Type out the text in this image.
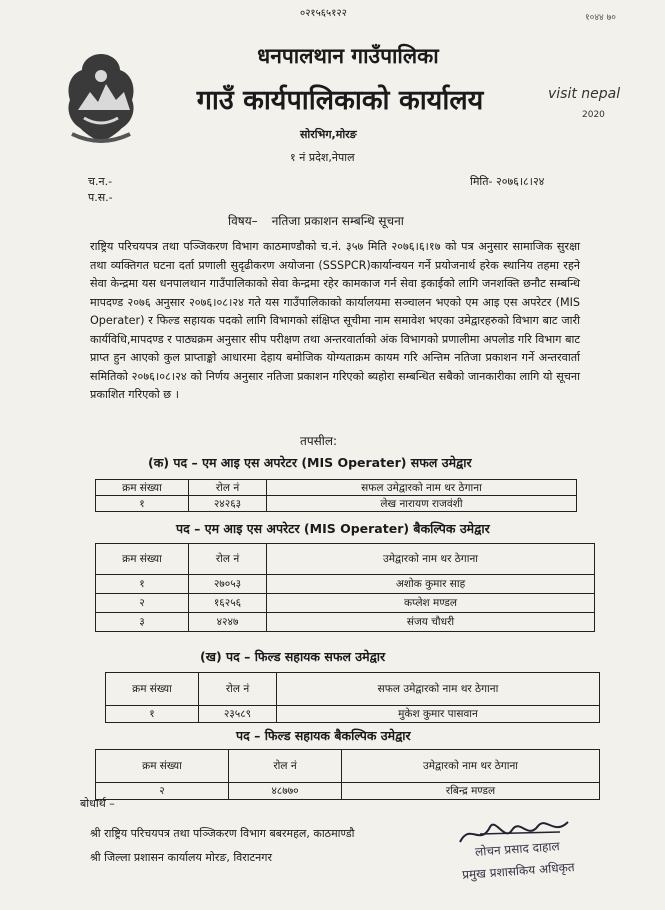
०२१५६५१२२	१०४४ ७०
धनपालथान गाउँपालिका
गाउँ कार्यपालिकाको कार्यालय
सोरभिग,मोरङ
१ नं प्रदेश,नेपाल
visit nepal
2020
च.न.-
प.स.-
मिति- २०७६।८।२४
विषय– नतिजा प्रकाशन सम्बन्धि सूचना
राष्ट्रिय परिचयपत्र तथा पञ्जिकरण विभाग काठमाण्डौको च.नं. ३५७ मिति २०७६।६।१७ को पत्र अनुसार सामाजिक सुरक्षा तथा व्यक्तिगत घटना दर्ता प्रणाली सुदृढीकरण अयोजना (SSSPCR)कार्यान्वयन गर्ने प्रयोजनार्थ हरेक स्थानिय तहमा रहने सेवा केन्द्रमा यस धनपालथान गाउँपालिकाको सेवा केन्द्रमा रहेर कामकाज गर्न सेवा इकाईको लागि जनशक्ति छनौट सम्बन्धि मापदण्ड २०७६ अनुसार २०७६।०८।२४ गते यस गाउँपालिकाको कार्यालयमा सञ्चालन भएको एम आइ एस अपरेटर (MIS Operater) र फिल्ड सहायक पदको लागि विभागको संक्षिप्त सूचीमा नाम समावेश भएका उमेद्वारहरुको विभाग बाट जारी कार्यविधि,मापदण्ड र पाठ्यक्रम अनुसार सीप परीक्षण तथा अन्तरवार्ताको अंक विभागको प्रणालीमा अपलोड गरि विभाग बाट प्राप्त हुन आएको कुल प्राप्ताङ्को आधारमा देहाय बमोजिक योग्यताक्रम कायम गरि अन्तिम नतिजा प्रकाशन गर्ने अन्तरवार्ता समितिको २०७६।०८।२४ को निर्णय अनुसार नतिजा प्रकाशन गरिएको ब्यहोरा सम्बन्धित सबैको जानकारीका लागि यो सूचना प्रकाशित गरिएको छ ।
तपसील:
(क) पद – एम आइ एस अपरेटर (MIS Operater) सफल उमेद्वार
क्रम संख्या	रोल नं	सफल उमेद्वारको नाम थर ठेगाना
१	२४२६३	लेख नारायण राजवंशी
पद – एम आइ एस अपरेटर (MIS Operater) बैकल्पिक उमेद्वार
क्रम संख्या	रोल नं	उमेद्वारको नाम थर ठेगाना
१	२७०५३	अशोक कुमार साह
२	१६२५६	कप्लेश मण्डल
३	४२४७	संजय चौधरी
(ख) पद – फिल्ड सहायक सफल उमेद्वार
क्रम संख्या	रोल नं	सफल उमेद्वारको नाम थर ठेगाना
१	२३५८९	मुकेश कुमार पासवान
पद – फिल्ड सहायक बैकल्पिक उमेद्वार
क्रम संख्या	रोल नं	उमेद्वारको नाम थर ठेगाना
२	४८७७०	रबिन्द्र मण्डल
बोधार्थ –
श्री राष्ट्रिय परिचयपत्र तथा पञ्जिकरण विभाग बबरमहल, काठमाण्डौ
श्री जिल्ला प्रशासन कार्यालय मोरङ, विराटनगर	लोचन प्रसाद दाहाल
प्रमुख प्रशासकिय अधिकृत
